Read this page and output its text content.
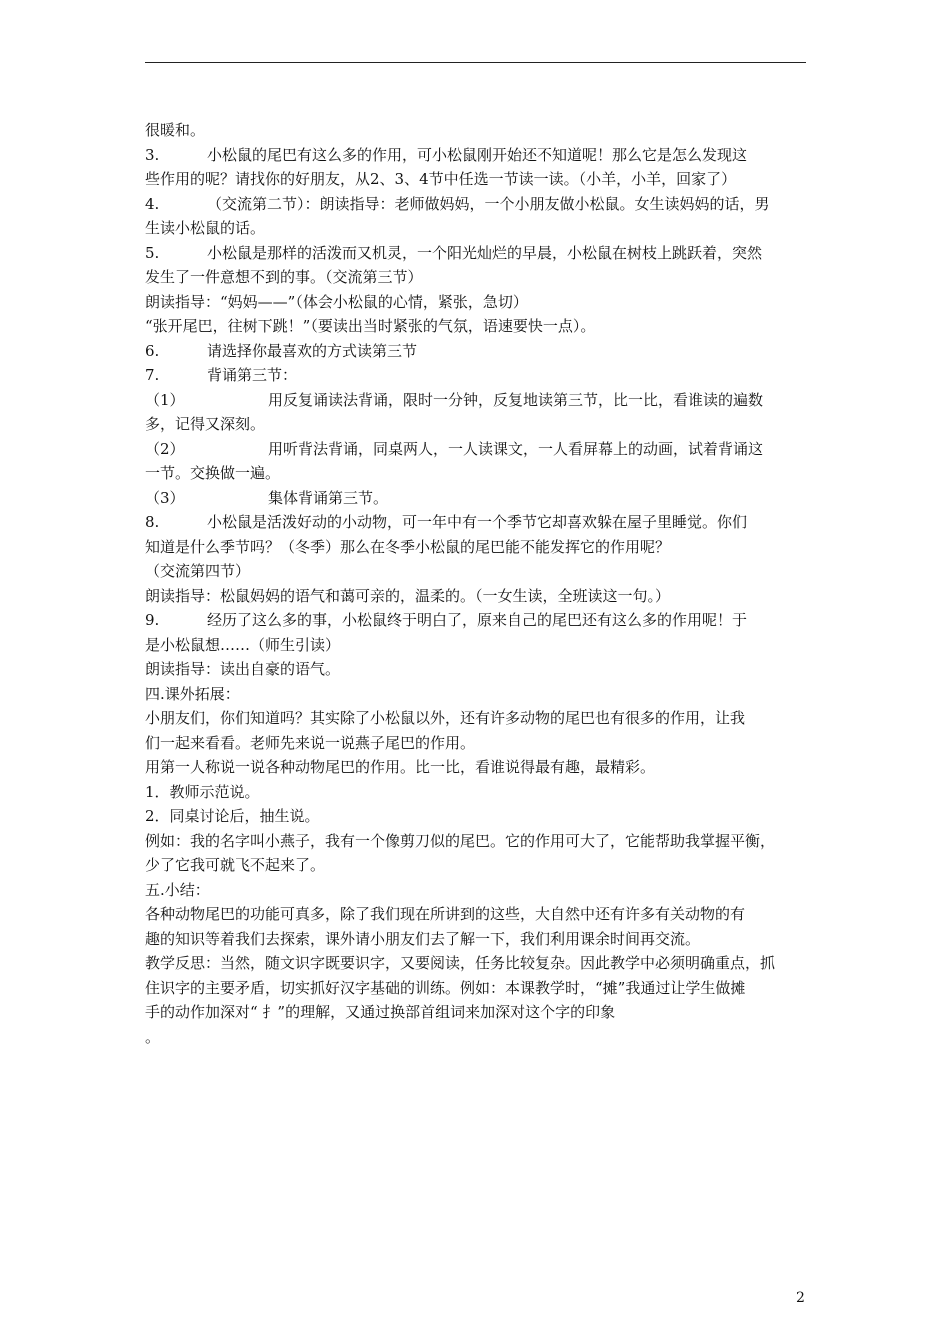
很暖和。
3.	小松鼠的尾巴有这么多的作用，可小松鼠刚开始还不知道呢！那么它是怎么发现这
些作用的呢？请找你的好朋友，从2、3、4节中任选一节读一读。（小羊，小羊，回家了）
4.	（交流第二节）：朗读指导：老师做妈妈，一个小朋友做小松鼠。女生读妈妈的话，男
生读小松鼠的话。
5.	小松鼠是那样的活泼而又机灵，一个阳光灿烂的早晨，小松鼠在树枝上跳跃着，突然
发生了一件意想不到的事。（交流第三节）
朗读指导：“妈妈——”（体会小松鼠的心情，紧张，急切）
“张开尾巴，往树下跳！”（要读出当时紧张的气氛，语速要快一点）。
6.	请选择你最喜欢的方式读第三节
7.	背诵第三节：
（1）	用反复诵读法背诵，限时一分钟，反复地读第三节，比一比，看谁读的遍数
多，记得又深刻。
（2）	用听背法背诵，同桌两人，一人读课文，一人看屏幕上的动画，试着背诵这
一节。交换做一遍。
（3）	集体背诵第三节。
8.	小松鼠是活泼好动的小动物，可一年中有一个季节它却喜欢躲在屋子里睡觉。你们
知道是什么季节吗？（冬季）那么在冬季小松鼠的尾巴能不能发挥它的作用呢？
（交流第四节）
朗读指导：松鼠妈妈的语气和蔼可亲的，温柔的。（一女生读，全班读这一句。）
9.	经历了这么多的事，小松鼠终于明白了，原来自己的尾巴还有这么多的作用呢！于
是小松鼠想……（师生引读）
朗读指导：读出自豪的语气。
四.课外拓展：
小朋友们，你们知道吗？其实除了小松鼠以外，还有许多动物的尾巴也有很多的作用，让我
们一起来看看。老师先来说一说燕子尾巴的作用。
用第一人称说一说各种动物尾巴的作用。比一比，看谁说得最有趣，最精彩。
1．教师示范说。
2．同桌讨论后，抽生说。
例如：我的名字叫小燕子，我有一个像剪刀似的尾巴。它的作用可大了，它能帮助我掌握平衡，
少了它我可就飞不起来了。
五.小结：
各种动物尾巴的功能可真多，除了我们现在所讲到的这些，大自然中还有许多有关动物的有
趣的知识等着我们去探索，课外请小朋友们去了解一下，我们利用课余时间再交流。
教学反思：当然，随文识字既要识字，又要阅读，任务比较复杂。因此教学中必须明确重点，抓
住识字的主要矛盾，切实抓好汉字基础的训练。例如：本课教学时，“摊”我通过让学生做摊
手的动作加深对“ 扌”的理解，又通过换部首组词来加深对这个字的印象
。
2
